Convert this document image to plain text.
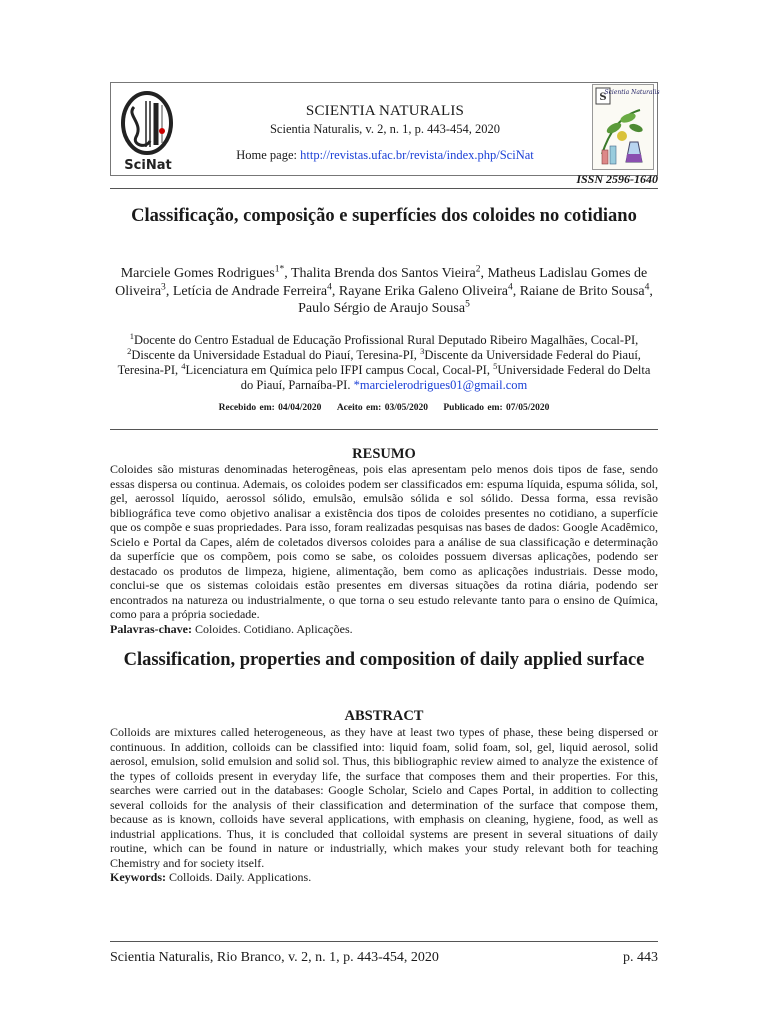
SciNat
SCIENTIA NATURALIS
Scientia Naturalis, v. 2, n. 1, p. 443-454, 2020
Home page: http://revistas.ufac.br/revista/index.php/SciNat
S
Scientia Naturalis
ISSN 2596-1640
Classificação, composição e superfícies dos coloides no cotidiano
Marciele Gomes Rodrigues$^{1*}$, Thalita Brenda dos Santos Vieira$^2$, Matheus Ladislau Gomes de Oliveira$^3$, Letícia de Andrade Ferreira$^4$, Rayane Erika Galeno Oliveira$^4$, Raiane de Brito Sousa$^4$, Paulo Sérgio de Araujo Sousa$^5$
$^1$Docente do Centro Estadual de Educação Profissional Rural Deputado Ribeiro Magalhães, Cocal-PI, $^2$Discente da Universidade Estadual do Piauí, Teresina-PI, $^3$Discente da Universidade Federal do Piauí, Teresina-PI, $^4$Licenciatura em Química pelo IFPI campus Cocal, Cocal-PI, $^5$Universidade Federal do Delta do Piauí, Parnaíba-PI. *marcielerodrigues01@gmail.com
Recebido em: 04/04/2020 Aceito em: 03/05/2020 Publicado em: 07/05/2020
RESUMO

Coloides são misturas denominadas heterogêneas, pois elas apresentam pelo menos dois tipos de fase, sendo essas dispersa ou continua. Ademais, os coloides podem ser classificados em: espuma líquida, espuma sólida, sol, gel, aerossol líquido, aerossol sólido, emulsão, emulsão sólida e sol sólido. Dessa forma, essa revisão bibliográfica teve como objetivo analisar a existência dos tipos de coloides presentes no cotidiano, a superfície que os compõe e suas propriedades. Para isso, foram realizadas pesquisas nas bases de dados: Google Acadêmico, Scielo e Portal da Capes, além de coletados diversos coloides para a análise de sua classificação e determinação da superfície que os compõem, pois como se sabe, os coloides possuem diversas aplicações, podendo ser destacado os produtos de limpeza, higiene, alimentação, bem como as aplicações industriais. Desse modo, conclui-se que os sistemas coloidais estão presentes em diversas situações da rotina diária, podendo ser encontrados na natureza ou industrialmente, o que torna o seu estudo relevante tanto para o ensino de Química, como para a própria sociedade.

Palavras-chave: Coloides. Cotidiano. Aplicações.

Classification, properties and composition of daily applied surface
ABSTRACT

Colloids are mixtures called heterogeneous, as they have at least two types of phase, these being dispersed or continuous. In addition, colloids can be classified into: liquid foam, solid foam, sol, gel, liquid aerosol, solid aerosol, emulsion, solid emulsion and solid sol. Thus, this bibliographic review aimed to analyze the existence of the types of colloids present in everyday life, the surface that composes them and their properties. For this, searches were carried out in the databases: Google Scholar, Scielo and Capes Portal, in addition to collecting several colloids for the analysis of their classification and determination of the surface that compose them, because as is known, colloids have several applications, with emphasis on cleaning, hygiene, food, as well as industrial applications. Thus, it is concluded that colloidal systems are present in several situations of daily routine, which can be found in nature or industrially, which makes your study relevant both for teaching Chemistry and for society itself.

Keywords: Colloids. Daily. Applications.

Scientia Naturalis, Rio Branco, v. 2, n. 1, p. 443-454, 2020	p. 443
